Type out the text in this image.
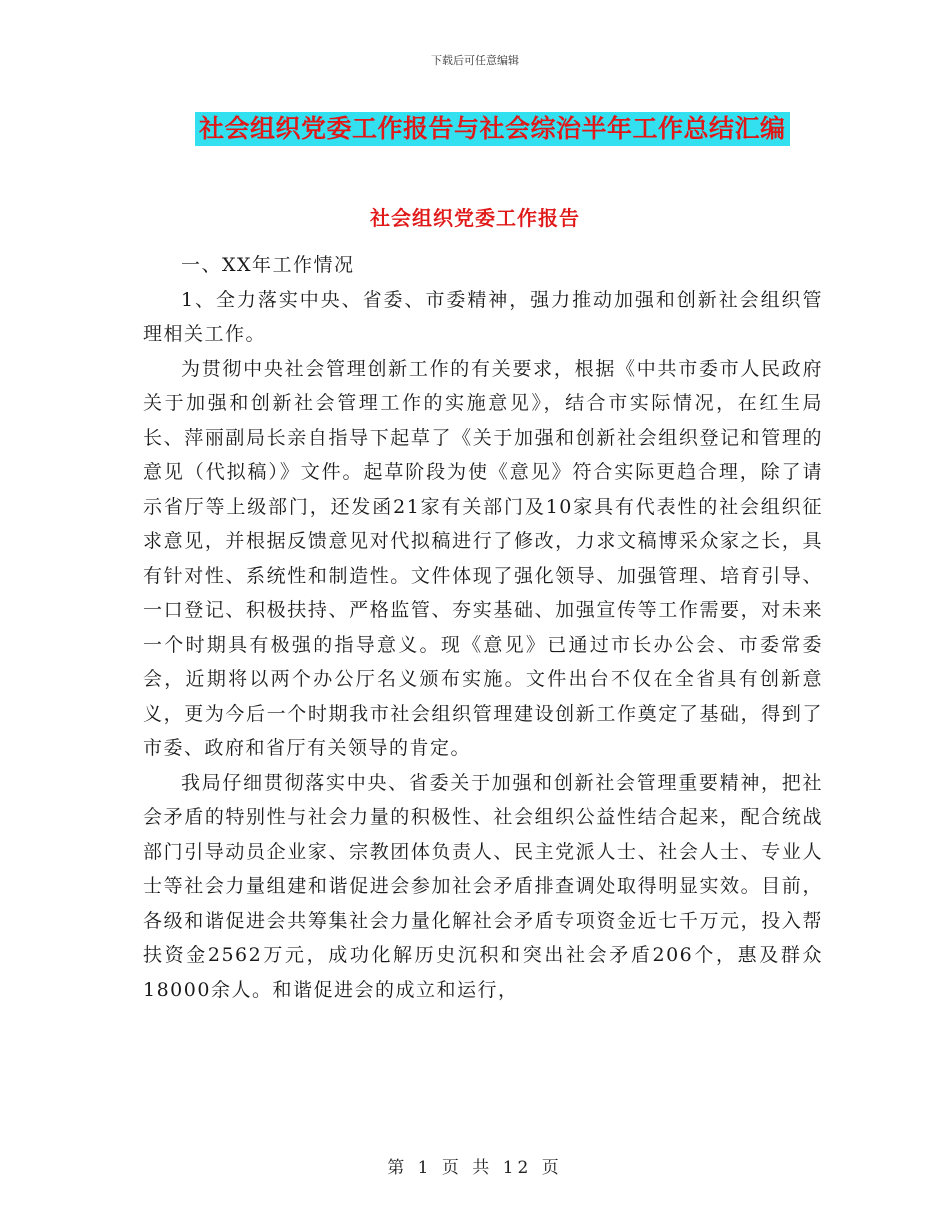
下载后可任意编辑
社会组织党委工作报告与社会综治半年工作总结汇编
社会组织党委工作报告

一、XX年工作情况

1、全力落实中央、省委、市委精神，强力推动加强和创新社会组织管理相关工作。

为贯彻中央社会管理创新工作的有关要求，根据《中共市委市人民政府关于加强和创新社会管理工作的实施意见》，结合市实际情况，在红生局长、萍丽副局长亲自指导下起草了《关于加强和创新社会组织登记和管理的意见（代拟稿）》文件。起草阶段为使《意见》符合实际更趋合理，除了请示省厅等上级部门，还发函21家有关部门及10家具有代表性的社会组织征求意见，并根据反馈意见对代拟稿进行了修改，力求文稿博采众家之长，具有针对性、系统性和制造性。文件体现了强化领导、加强管理、培育引导、一口登记、积极扶持、严格监管、夯实基础、加强宣传等工作需要，对未来一个时期具有极强的指导意义。现《意见》已通过市长办公会、市委常委会，近期将以两个办公厅名义颁布实施。文件出台不仅在全省具有创新意义，更为今后一个时期我市社会组织管理建设创新工作奠定了基础，得到了市委、政府和省厅有关领导的肯定。

我局仔细贯彻落实中央、省委关于加强和创新社会管理重要精神，把社会矛盾的特别性与社会力量的积极性、社会组织公益性结合起来，配合统战部门引导动员企业家、宗教团体负责人、民主党派人士、社会人士、专业人士等社会力量组建和谐促进会参加社会矛盾排查调处取得明显实效。目前，各级和谐促进会共筹集社会力量化解社会矛盾专项资金近七千万元，投入帮扶资金2562万元，成功化解历史沉积和突出社会矛盾206个，惠及群众18000余人。和谐促进会的成立和运行，

第 1 页 共 12 页
